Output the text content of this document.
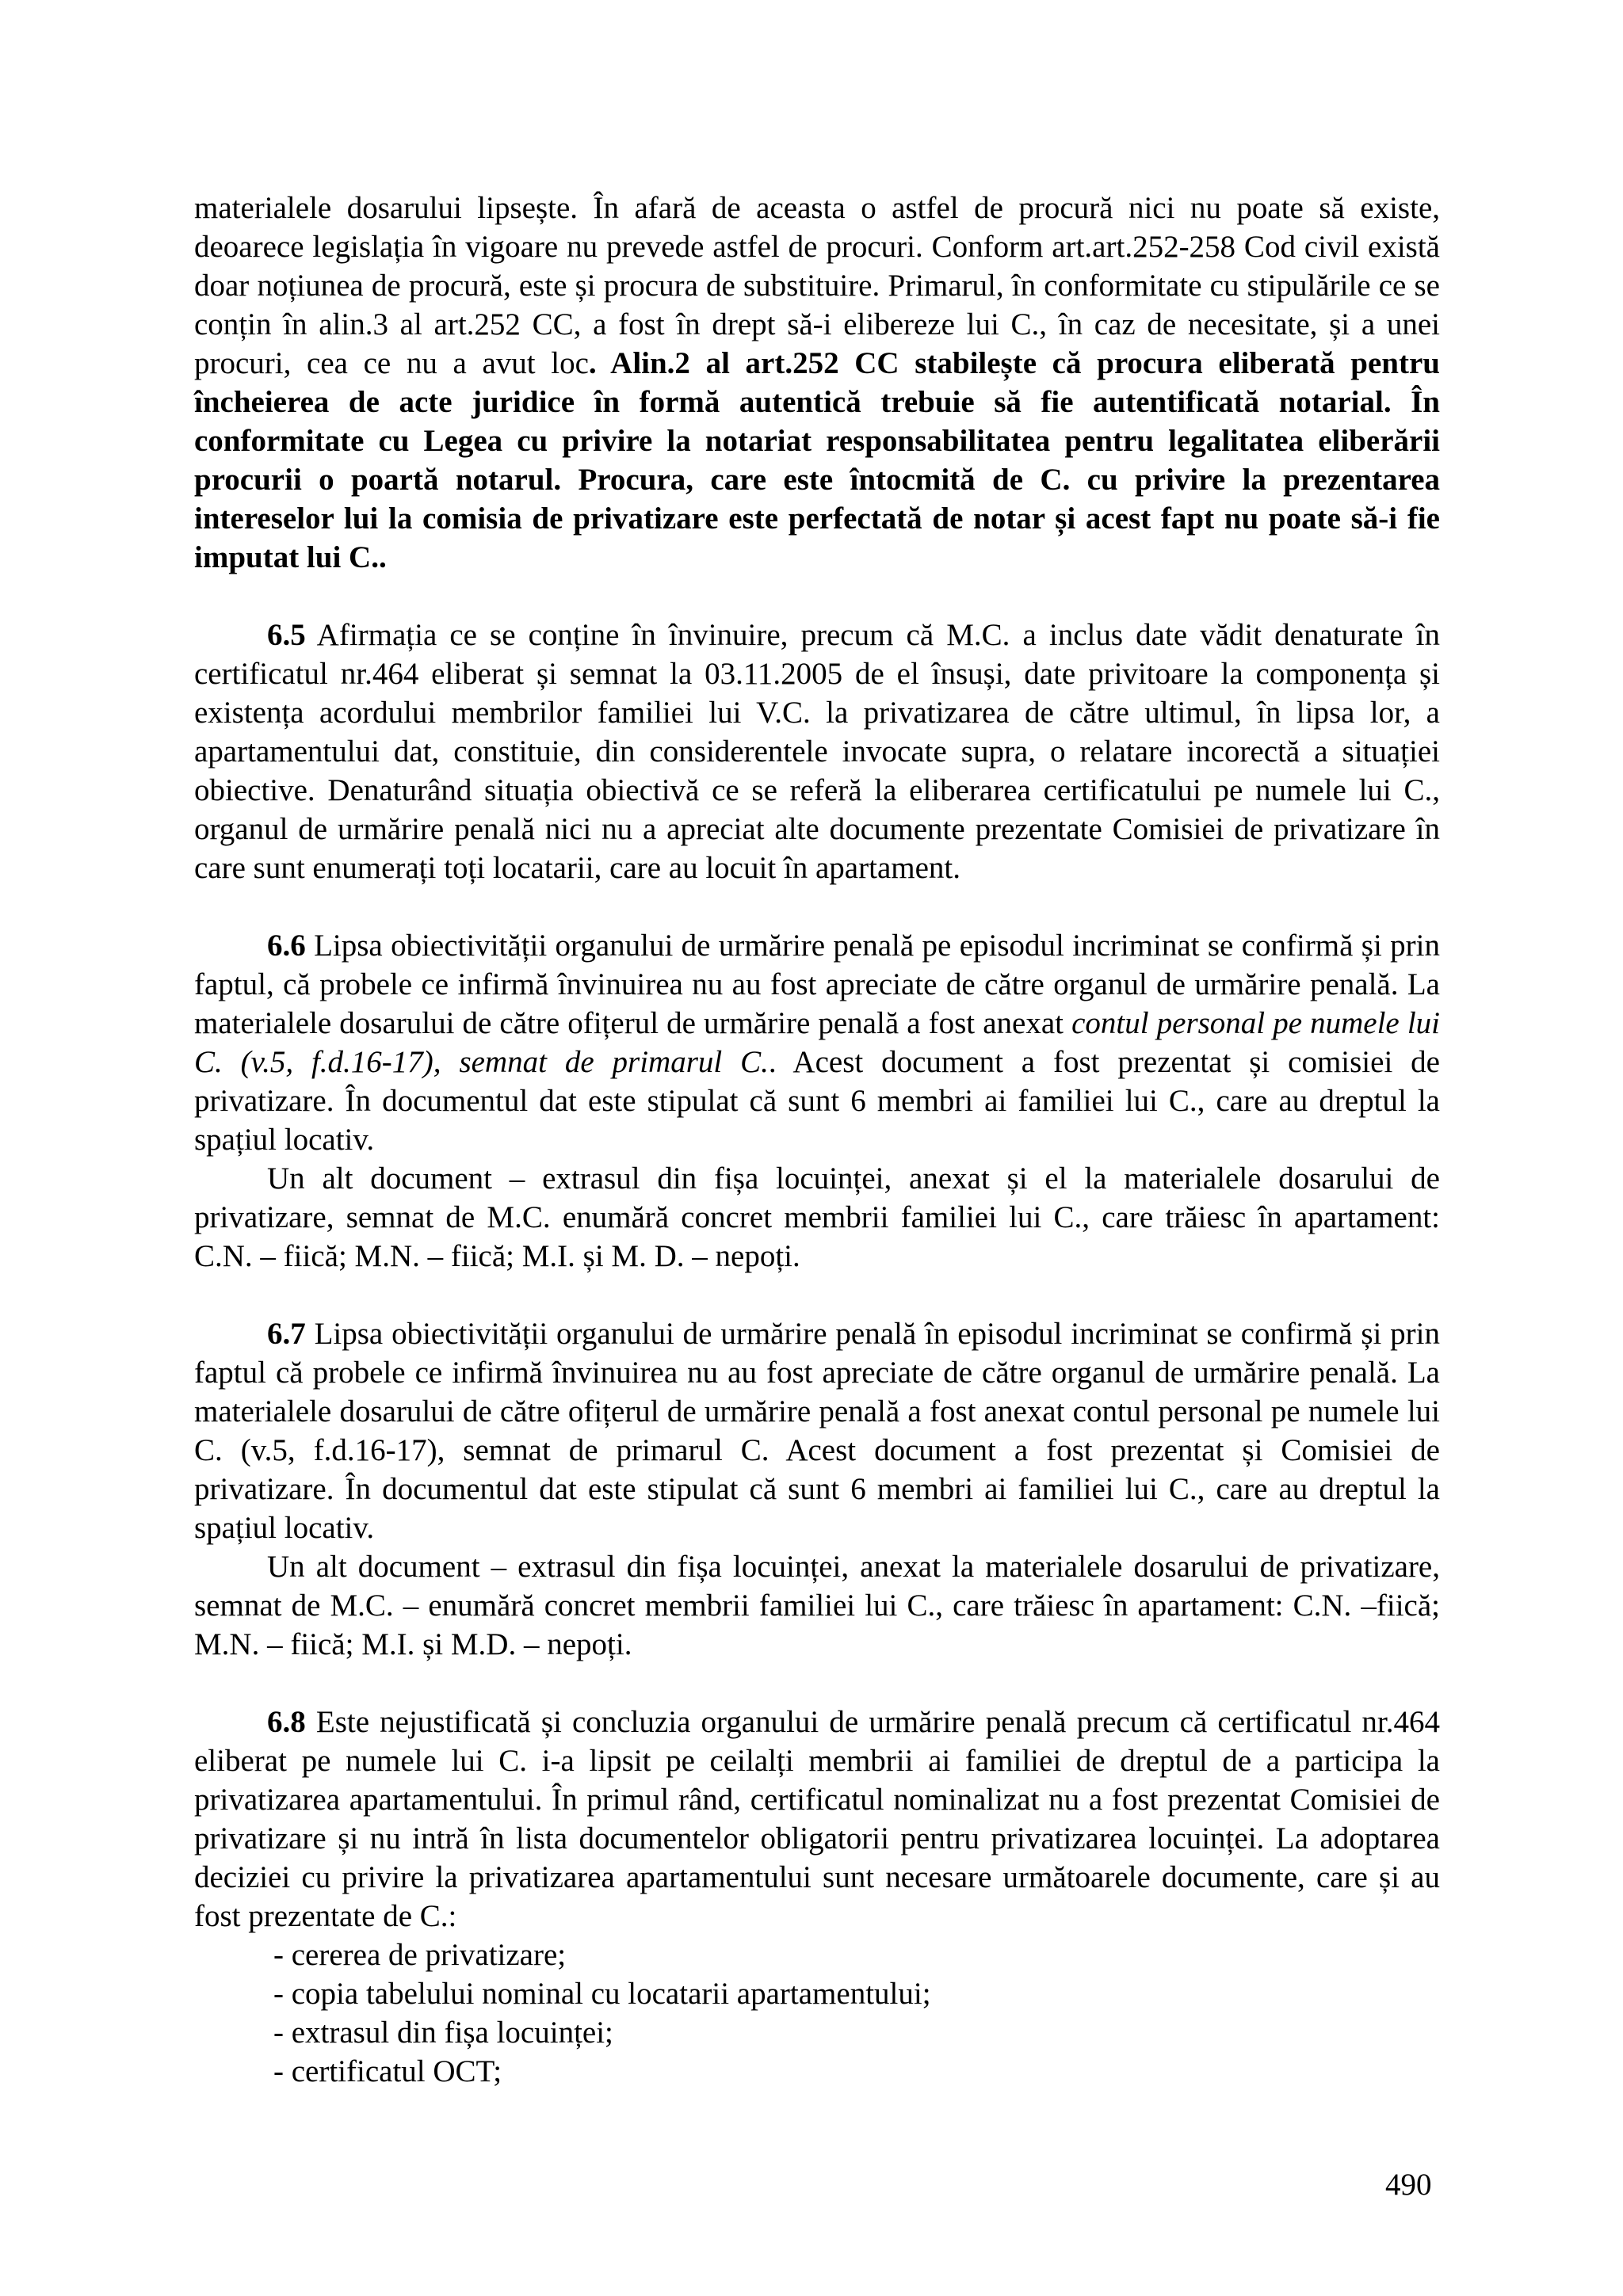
materialele dosarului lipsește. În afară de aceasta o astfel de procură nici nu poate să existe, deoarece legislația în vigoare nu prevede astfel de procuri. Conform art.art.252-258 Cod civil există doar noțiunea de procură, este și procura de substituire. Primarul, în conformitate cu stipulările ce se conțin în alin.3 al art.252 CC, a fost în drept să-i elibereze lui C., în caz de necesitate, și a unei procuri, cea ce nu a avut loc. Alin.2 al art.252 CC stabilește că procura eliberată pentru încheierea de acte juridice în formă autentică trebuie să fie autentificată notarial. În conformitate cu Legea cu privire la notariat responsabilitatea pentru legalitatea eliberării procurii o poartă notarul. Procura, care este întocmită de C. cu privire la prezentarea intereselor lui la comisia de privatizare este perfectată de notar și acest fapt nu poate să-i fie imputat lui C..

6.5 Afirmația ce se conține în învinuire, precum că M.C. a inclus date vădit denaturate în certificatul nr.464 eliberat și semnat la 03.11.2005 de el însuși, date privitoare la componența și existența acordului membrilor familiei lui V.C. la privatizarea de către ultimul, în lipsa lor, a apartamentului dat, constituie, din considerentele invocate supra, o relatare incorectă a situației obiective. Denaturând situația obiectivă ce se referă la eliberarea certificatului pe numele lui C., organul de urmărire penală nici nu a apreciat alte documente prezentate Comisiei de privatizare în care sunt enumerați toți locatarii, care au locuit în apartament.

6.6 Lipsa obiectivității organului de urmărire penală pe episodul incriminat se confirmă și prin faptul, că probele ce infirmă învinuirea nu au fost apreciate de către organul de urmărire penală. La materialele dosarului de către ofițerul de urmărire penală a fost anexat contul personal pe numele lui C. (v.5, f.d.16-17), semnat de primarul C.. Acest document a fost prezentat și comisiei de privatizare. În documentul dat este stipulat că sunt 6 membri ai familiei lui C., care au dreptul la spațiul locativ.

Un alt document – extrasul din fișa locuinței, anexat și el la materialele dosarului de privatizare, semnat de M.C. enumără concret membrii familiei lui C., care trăiesc în apartament: C.N. – fiică; M.N. – fiică; M.I. și M. D. – nepoți.

6.7 Lipsa obiectivității organului de urmărire penală în episodul incriminat se confirmă și prin faptul că probele ce infirmă învinuirea nu au fost apreciate de către organul de urmărire penală. La materialele dosarului de către ofițerul de urmărire penală a fost anexat contul personal pe numele lui C. (v.5, f.d.16-17), semnat de primarul C. Acest document a fost prezentat și Comisiei de privatizare. În documentul dat este stipulat că sunt 6 membri ai familiei lui C., care au dreptul la spațiul locativ.

Un alt document – extrasul din fișa locuinței, anexat la materialele dosarului de privatizare, semnat de M.C. – enumără concret membrii familiei lui C., care trăiesc în apartament: C.N. –fiică; M.N. – fiică; M.I. și M.D. – nepoți.

6.8 Este nejustificată și concluzia organului de urmărire penală precum că certificatul nr.464 eliberat pe numele lui C. i-a lipsit pe ceilalți membrii ai familiei de dreptul de a participa la privatizarea apartamentului. În primul rând, certificatul nominalizat nu a fost prezentat Comisiei de privatizare și nu intră în lista documentelor obligatorii pentru privatizarea locuinței. La adoptarea deciziei cu privire la privatizarea apartamentului sunt necesare următoarele documente, care și au fost prezentate de C.:

- cererea de privatizare;

- copia tabelului nominal cu locatarii apartamentului;

- extrasul din fișa locuinței;

- certificatul OCT;

490
